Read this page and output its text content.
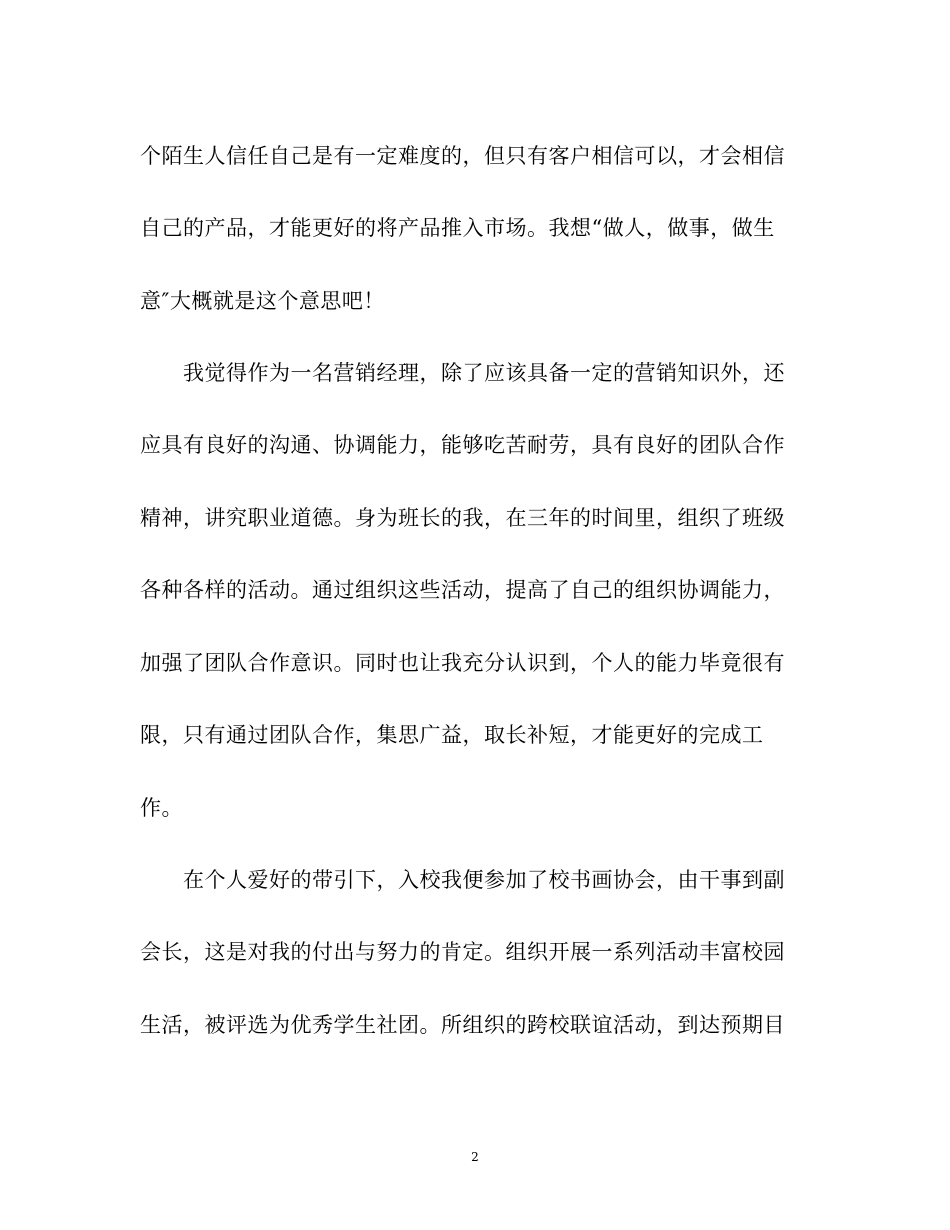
个陌生人信任自己是有一定难度的，但只有客户相信可以，才会相信
自己的产品，才能更好的将产品推入市场。我想“做人，做事，做生
意″大概就是这个意思吧！
　　我觉得作为一名营销经理，除了应该具备一定的营销知识外，还
应具有良好的沟通、协调能力，能够吃苦耐劳，具有良好的团队合作
精神，讲究职业道德。身为班长的我，在三年的时间里，组织了班级
各种各样的活动。通过组织这些活动，提高了自己的组织协调能力，
加强了团队合作意识。同时也让我充分认识到，个人的能力毕竟很有
限，只有通过团队合作，集思广益，取长补短，才能更好的完成工
作。
　　在个人爱好的带引下，入校我便参加了校书画协会，由干事到副
会长，这是对我的付出与努力的肯定。组织开展一系列活动丰富校园
生活，被评选为优秀学生社团。所组织的跨校联谊活动，到达预期目
2
